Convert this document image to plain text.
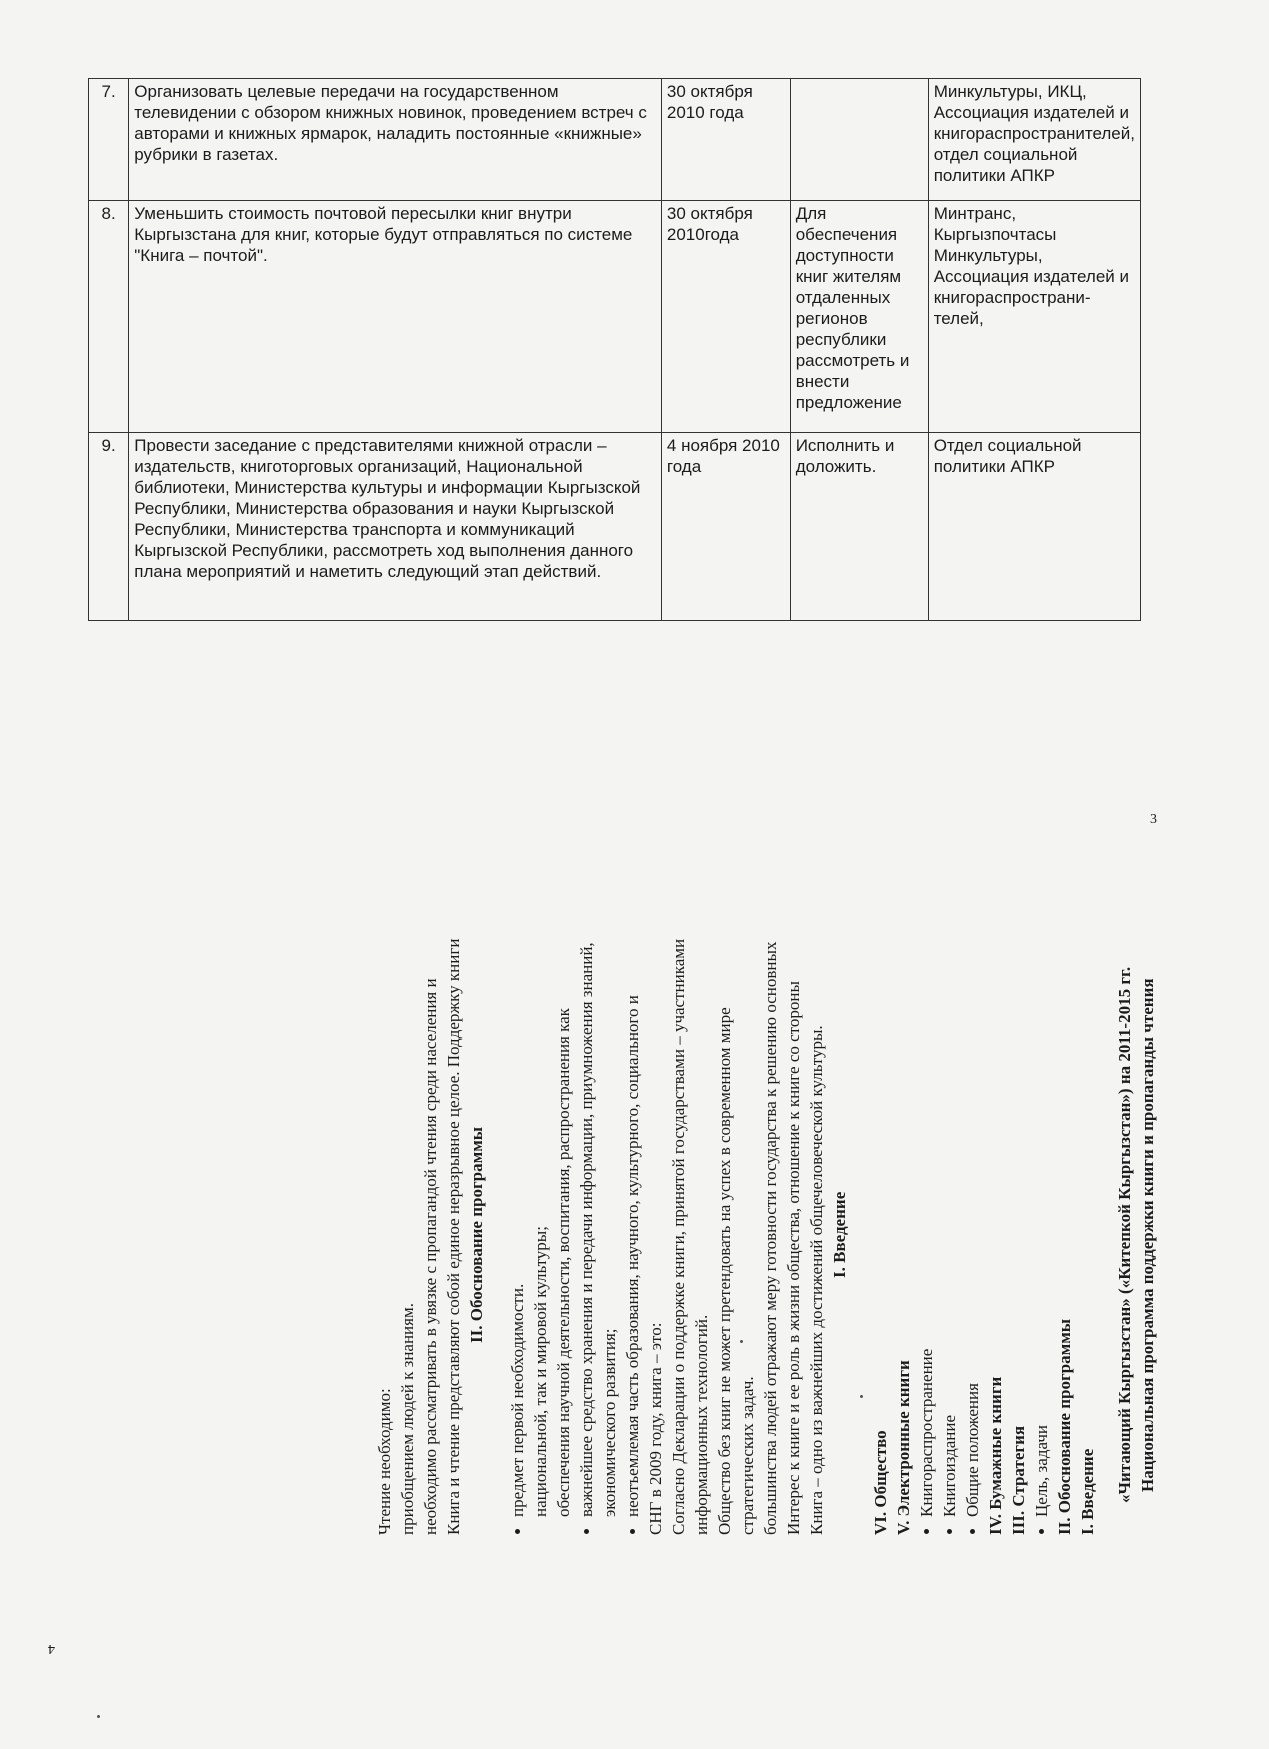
7.	Организовать целевые передачи на государственном телевидении с обзором книжных новинок, проведением встреч с авторами и книжных ярмарок, наладить постоянные «книжные» рубрики в газетах.	30 октября 2010 года		Минкультуры, ИКЦ, Ассоциация издателей и книгораспространителей, отдел социальной политики АПКР
8.	Уменьшить стоимость почтовой пересылки книг внутри Кыргызстана для книг, которые будут отправляться по системе "Книга – почтой".	30 октября 2010года	Для обеспечения доступности книг жителям отдаленных регионов республики рассмотреть и внести предложение	Минтранс, Кыргызпочтасы Минкультуры, Ассоциация издателей и книгораспространи-телей,
9.	Провести заседание с представителями книжной отрасли – издательств, книготорговых организаций, Национальной библиотеки, Министерства культуры и информации Кыргызской Республики, Министерства образования и науки Кыргызской Республики, Министерства транспорта и коммуникаций Кыргызской Республики, рассмотреть ход выполнения данного плана мероприятий и наметить следующий этап действий.	4 ноября 2010 года	Исполнить и доложить.	Отдел социальной политики АПКР
3

Национальная программа поддержки книги и пропаганды чтения

«Читающий Кыргызстан» («Китепкой Кыргызстан») на 2011-2015 гг.

I. Введение

II. Обоснование программы

• Цель, задачи

III. Стратегия

IV. Бумажные книги

• Общие положения
• Книгоиздание
• Книгораспространение

V. Электронные книги

VI. Общество

I. Введение

Книга – одно из важнейших достижений общечеловеческой культуры.

Интерес к книге и ее роль в жизни общества, отношение к книге со стороны большинства людей отражают меру готовности государства к решению основных стратегических задач.

Общество без книг не может претендовать на успех в современном мире информационных технологий.

Согласно Декларации о поддержке книги, принятой государствами – участниками СНГ в 2009 году, книга – это:

• неотъемлемая часть образования, научного, культурного, социального и экономического развития;
• важнейшее средство хранения и передачи информации, приумножения знаний, обеспечения научной деятельности, воспитания, распространения как национальной, так и мировой культуры;
• предмет первой необходимости.

II. Обоснование программы

Книга и чтение представляют собой единое неразрывное целое. Поддержку книги необходимо рассматривать в увязке с пропагандой чтения среди населения и приобщением людей к знаниям.

Чтение необходимо:

4
